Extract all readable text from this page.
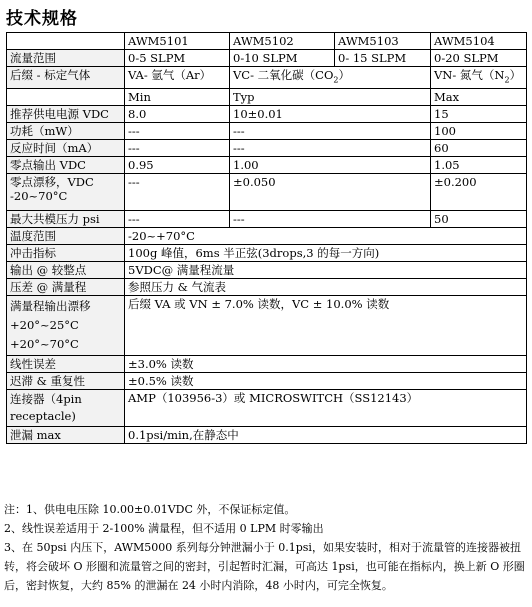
技术规格
	AWM5101	AWM5102	AWM5103	AWM5104
流量范围	0-5 SLPM	0-10 SLPM	0- 15 SLPM	0-20 SLPM
后缀 - 标定气体	VA- 氩气（Ar）	VC- 二氧化碳$(CO_2)$		VN- 氮气$(N_2)$
	Min	Typ		Max
推荐供电电源 VDC	8.0	10±0.01		15
功耗（mW）	---	---		100
反应时间（mA）	---	---		60
零点输出 VDC	0.95	1.00		1.05

零点漂移，VDC
-20~70°C	---	±0.050		±0.200
最大共模压力 psi	---	---		50
温度范围	-20~+70°C			
冲击指标	100g 峰值，6ms 半正弦(3drops,3 的每一方向)			
输出 @ 较整点	5VDC@ 满量程流量			
压差 @ 满量程	参照压力 & 气流表			

满量程输出漂移
+20°~25°C
+20°~70°C	后缀 VA 或 VN ± 7.0% 读数，VC ± 10.0% 读数			
线性误差	±3.0% 读数			
迟滞 & 重复性	±0.5% 读数			

连接器（4pin
receptacle)	AMP（103956-3）或 MICROSWITCH（SS12143）			
泄漏 max	0.1psi/min,在静态中			
注：1、供电电压除 10.00±0.01VDC 外，不保证标定值。
2、线性误差适用于 2-100% 满量程，但不适用 0 LPM 时零输出
3、在 50psi 内压下，AWM5000 系列每分钟泄漏小于 0.1psi，如果安装时，相对于流量管的连接器被扭转，将会破坏 O 形圈和流量管之间的密封，引起暂时汇漏，可高达 1psi，也可能在指标内，换上新 O 形圈后，密封恢复，大约 85% 的泄漏在 24 小时内消除，48 小时内，可完全恢复。
